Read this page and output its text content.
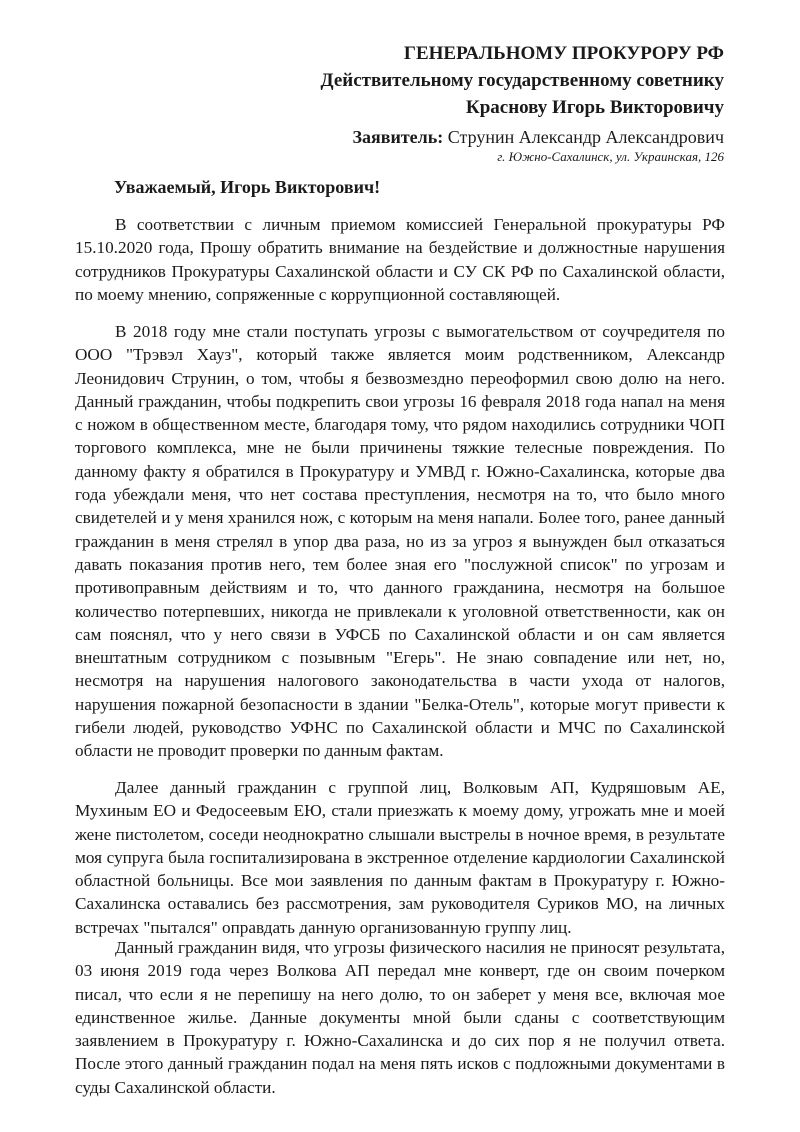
ГЕНЕРАЛЬНОМУ ПРОКУРОРУ РФ
Действительному государственному советнику
Краснову Игорь Викторовичу
Заявитель: Струнин Александр Александрович
г. Южно-Сахалинск, ул. Украинская, 126
Уважаемый, Игорь Викторович!

В соответствии с личным приемом комиссией Генеральной прокуратуры РФ 15.10.2020 года, Прошу обратить внимание на бездействие и должностные нарушения сотрудников Прокуратуры Сахалинской области и СУ СК РФ по Сахалинской области, по моему мнению, сопряженные с коррупционной составляющей.

В 2018 году мне стали поступать угрозы с вымогательством от соучредителя по ООО "Трэвэл Хауз", который также является моим родственником, Александр Леонидович Струнин, о том, чтобы я безвозмездно переоформил свою долю на него. Данный гражданин, чтобы подкрепить свои угрозы 16 февраля 2018 года напал на меня с ножом в общественном месте, благодаря тому, что рядом находились сотрудники ЧОП торгового комплекса, мне не были причинены тяжкие телесные повреждения. По данному факту я обратился в Прокуратуру и УМВД г. Южно-Сахалинска, которые два года убеждали меня, что нет состава преступления, несмотря на то, что было много свидетелей и у меня хранился нож, с которым на меня напали. Более того, ранее данный гражданин в меня стрелял в упор два раза, но из за угроз я вынужден был отказаться давать показания против него, тем более зная его "послужной список" по угрозам и противоправным действиям и то, что данного гражданина, несмотря на большое количество потерпевших, никогда не привлекали к уголовной ответственности, как он сам пояснял, что у него связи в УФСБ по Сахалинской области и он сам является внештатным сотрудником с позывным "Егерь". Не знаю совпадение или нет, но, несмотря на нарушения налогового законодательства в части ухода от налогов, нарушения пожарной безопасности в здании "Белка-Отель", которые могут привести к гибели людей, руководство УФНС по Сахалинской области и МЧС по Сахалинской области не проводит проверки по данным фактам.

Далее данный гражданин с группой лиц, Волковым АП, Кудряшовым АЕ, Мухиным ЕО и Федосеевым ЕЮ, стали приезжать к моему дому, угрожать мне и моей жене пистолетом, соседи неоднократно слышали выстрелы в ночное время, в результате моя супруга была госпитализирована в экстренное отделение кардиологии Сахалинской областной больницы. Все мои заявления по данным фактам в Прокуратуру г. Южно-Сахалинска оставались без рассмотрения, зам руководителя Суриков МО, на личных встречах "пытался" оправдать данную организованную группу лиц.

Данный гражданин видя, что угрозы физического насилия не приносят результата, 03 июня 2019 года через Волкова АП передал мне конверт, где он своим почерком писал, что если я не перепишу на него долю, то он заберет у меня все, включая мое единственное жилье. Данные документы мной были сданы с соответствующим заявлением в Прокуратуру г. Южно-Сахалинска и до сих пор я не получил ответа. После этого данный гражданин подал на меня пять исков с подложными документами в суды Сахалинской области.
